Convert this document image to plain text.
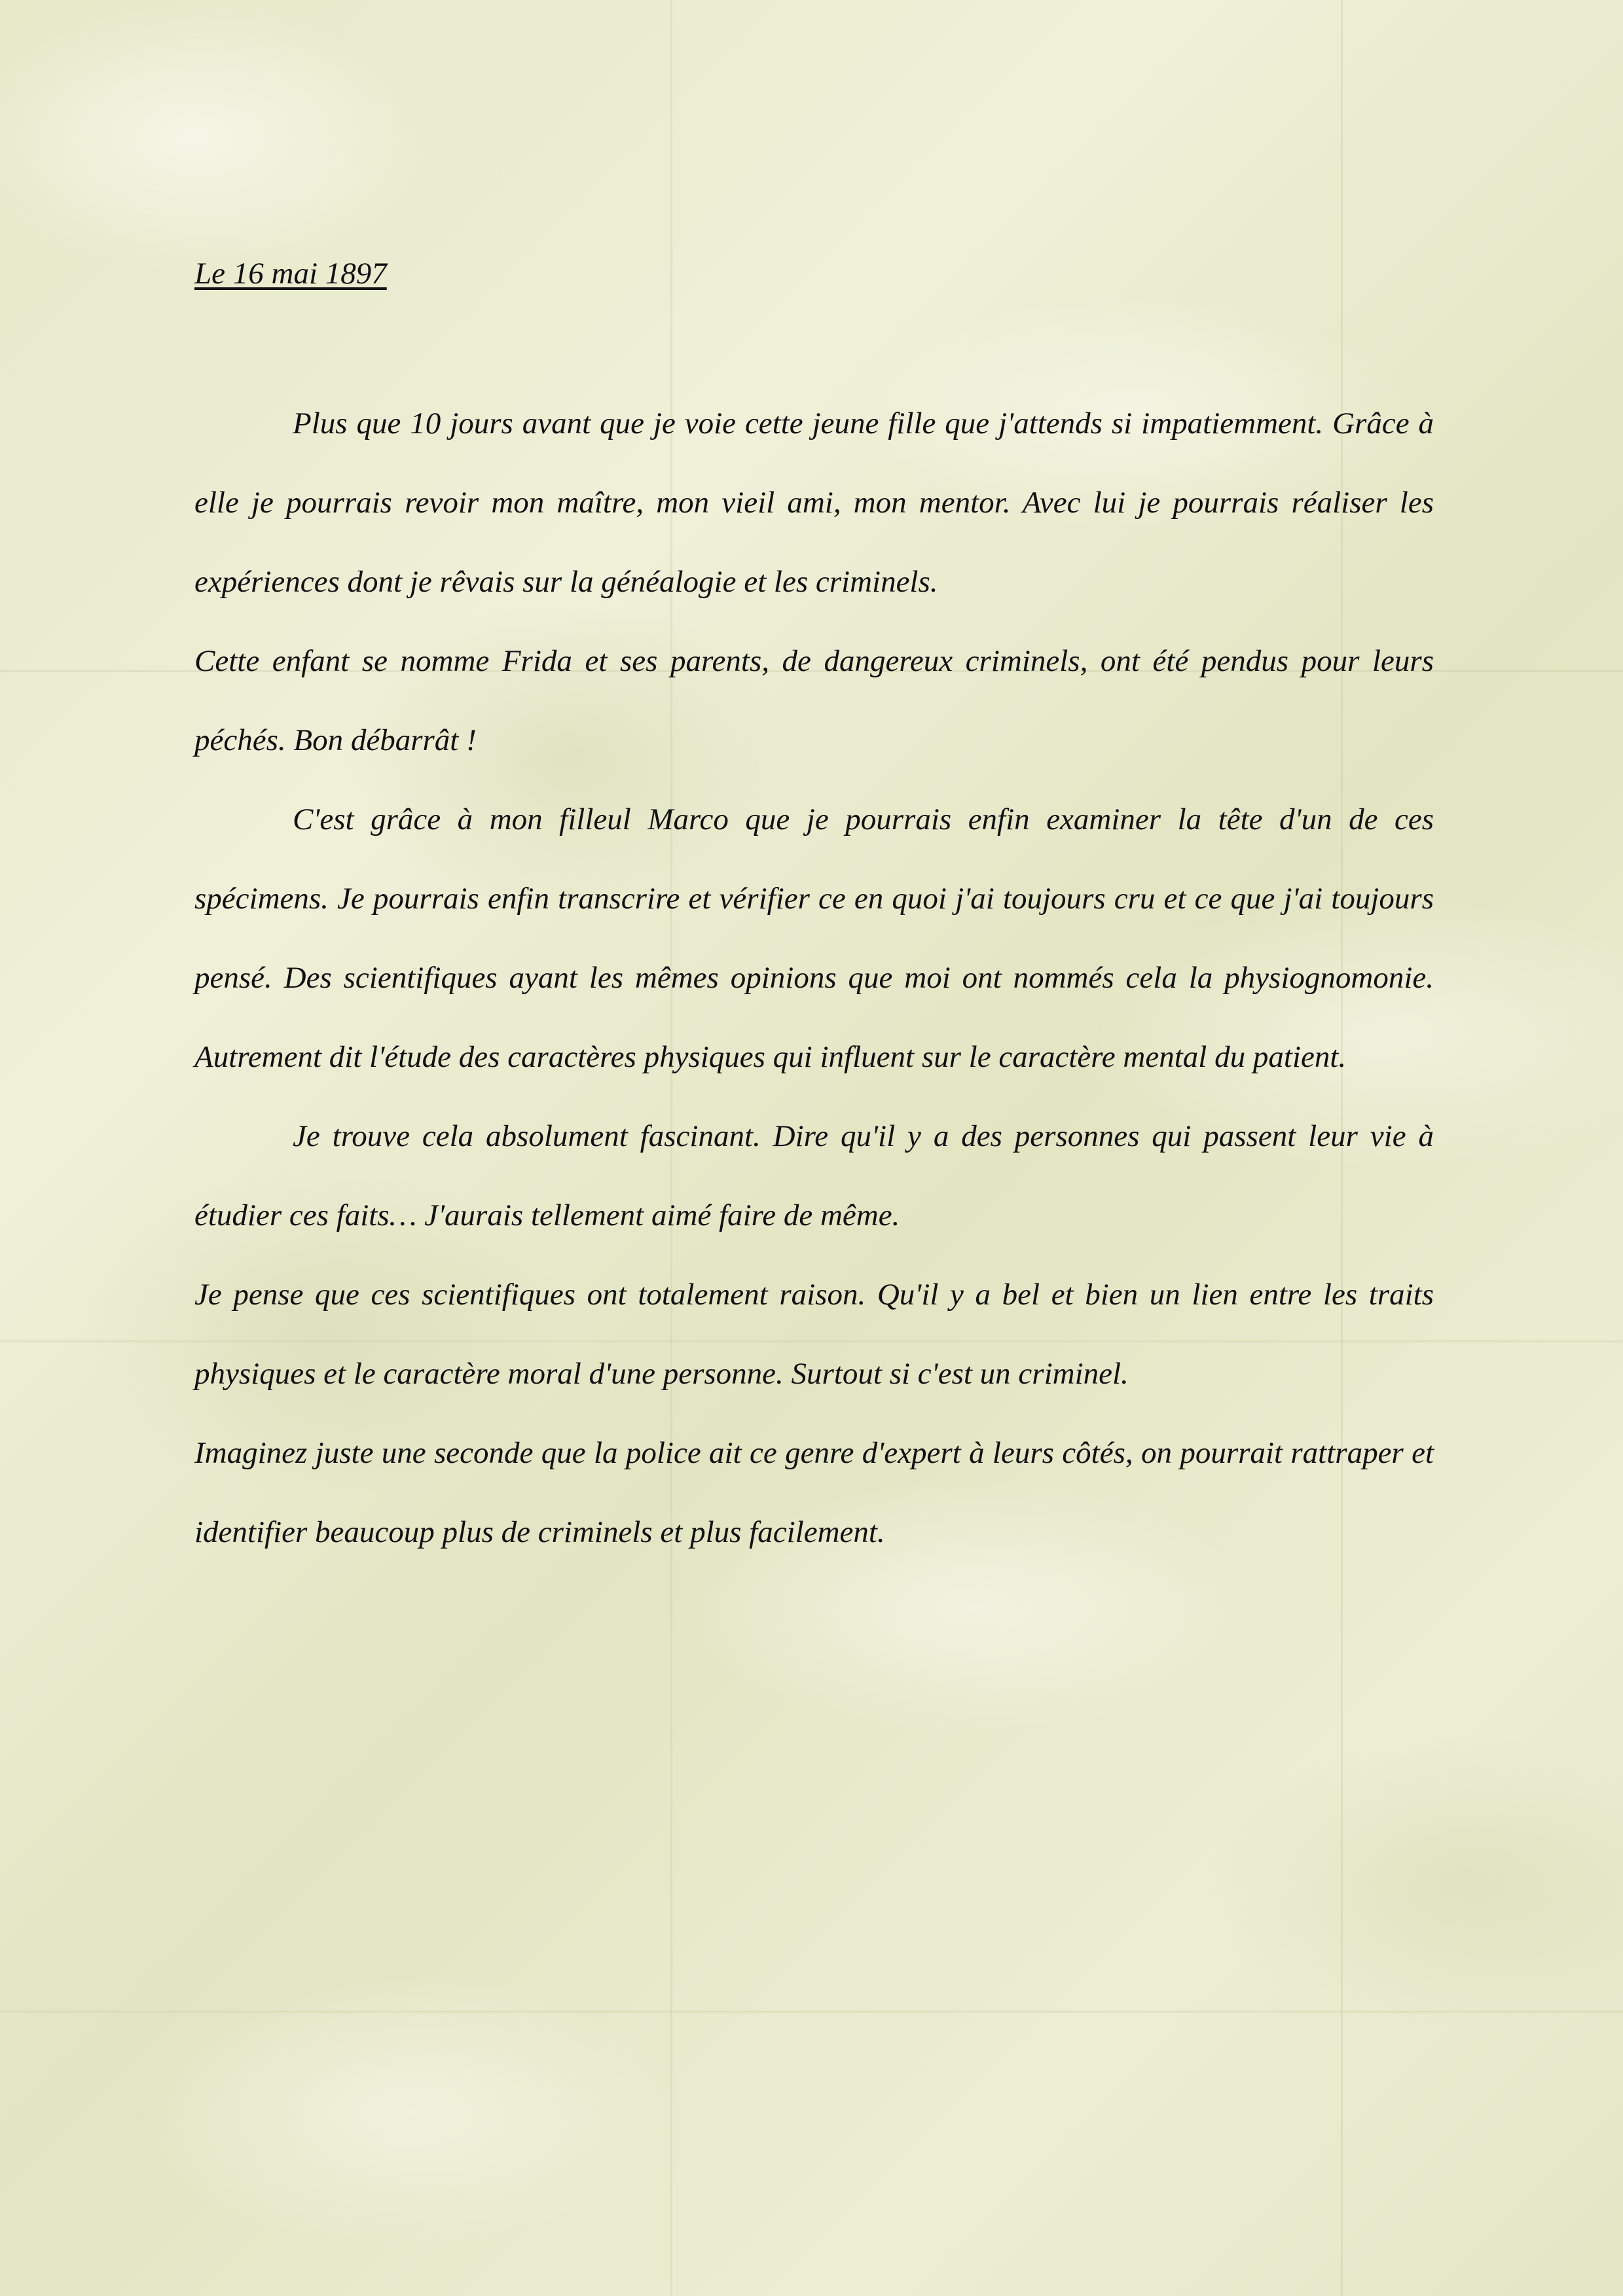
Le 16 mai 1897

Plus que 10 jours avant que je voie cette jeune fille que j'attends si impatiemment. Grâce à elle je pourrais revoir mon maître, mon vieil ami, mon mentor. Avec lui je pourrais réaliser les expériences dont je rêvais sur la généalogie et les criminels.

Cette enfant se nomme Frida et ses parents, de dangereux criminels, ont été pendus pour leurs péchés. Bon débarrât !

C'est grâce à mon filleul Marco que je pourrais enfin examiner la tête d'un de ces spécimens. Je pourrais enfin transcrire et vérifier ce en quoi j'ai toujours cru et ce que j'ai toujours pensé. Des scientifiques ayant les mêmes opinions que moi ont nommés cela la physiognomonie. Autrement dit l'étude des caractères physiques qui influent sur le caractère mental du patient.

Je trouve cela absolument fascinant. Dire qu'il y a des personnes qui passent leur vie à étudier ces faits… J'aurais tellement aimé faire de même.

Je pense que ces scientifiques ont totalement raison. Qu'il y a bel et bien un lien entre les traits physiques et le caractère moral d'une personne. Surtout si c'est un criminel.

Imaginez juste une seconde que la police ait ce genre d'expert à leurs côtés, on pourrait rattraper et identifier beaucoup plus de criminels et plus facilement.
